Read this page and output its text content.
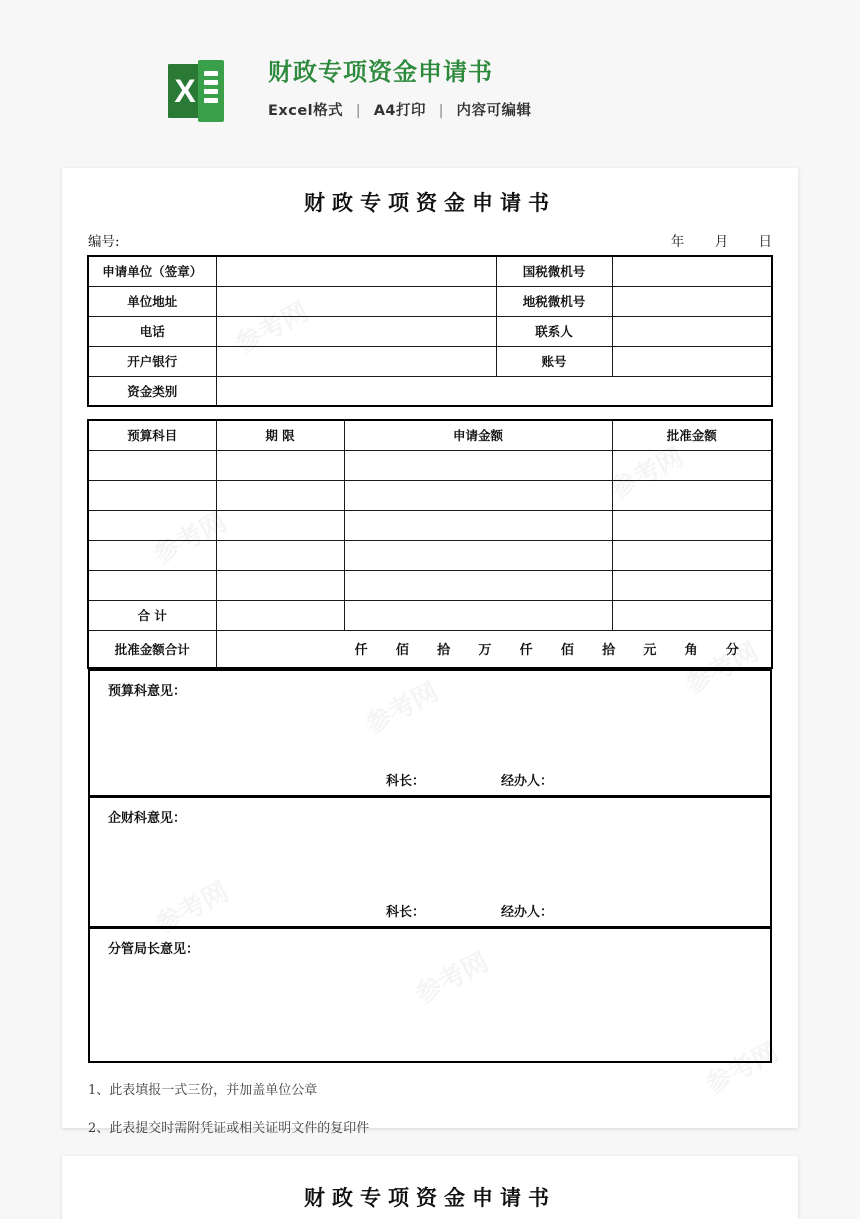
X
财政专项资金申请书
Excel格式 | A4打印 | 内容可编辑
财政专项资金申请书
编号:	年 月 日
申请单位（签章）		国税微机号	
单位地址		地税微机号	
电话		联系人	
开户银行		账号	
资金类别			
预算科目	期 限	申请金额	批准金额

合 计			
批准金额合计	仟 佰 拾 万 仟 佰 拾 元 角 分
预算科意见：
科长：	经办人：
企财科意见：
科长：	经办人：
分管局长意见：
1、此表填报一式三份，并加盖单位公章
2、此表提交时需附凭证或相关证明文件的复印件
财政专项资金申请书
